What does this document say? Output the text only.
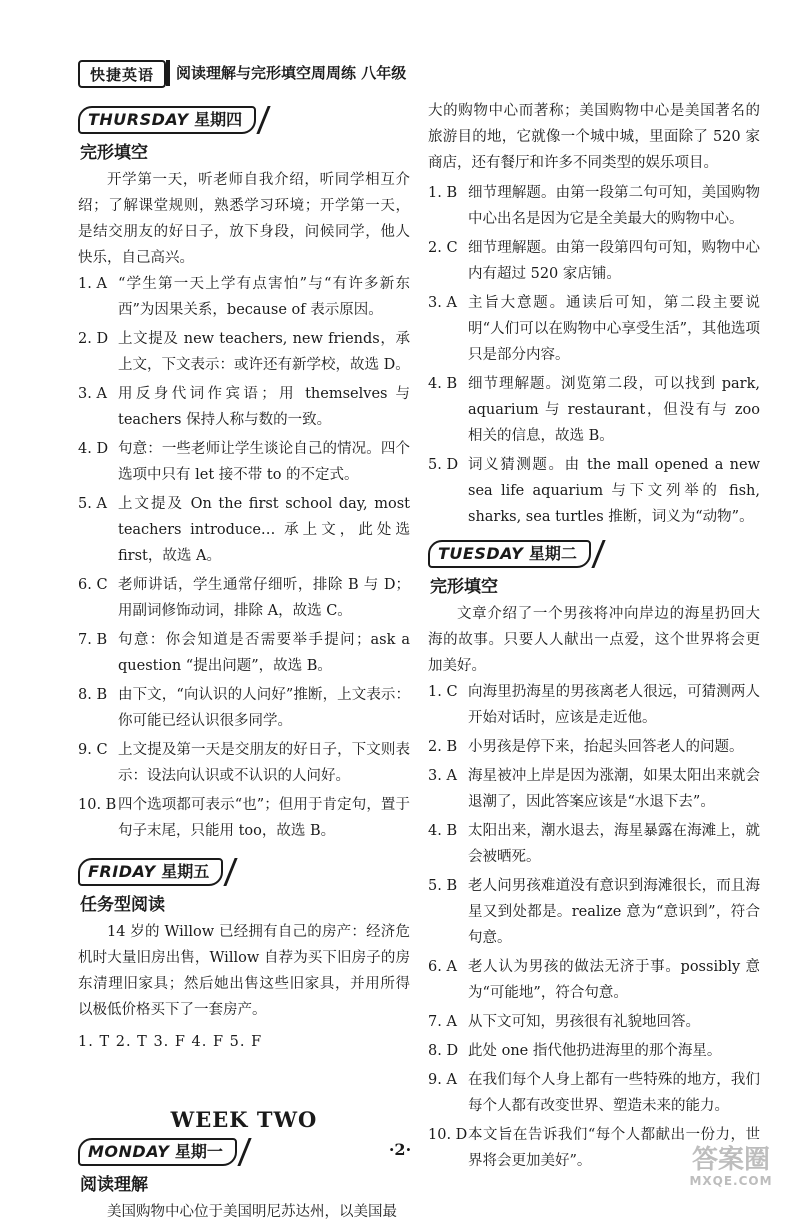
快捷英语	阅读理解与完形填空周周练 八年级
THURSDAY 星期四
完形填空

开学第一天，听老师自我介绍，听同学相互介绍；了解课堂规则，熟悉学习环境；开学第一天，是结交朋友的好日子，放下身段，问候同学，他人快乐，自己高兴。

1. A “学生第一天上学有点害怕”与“有许多新东西”为因果关系，because of 表示原因。
2. D 上文提及 new teachers, new friends，承上文，下文表示：或许还有新学校，故选 D。
3. A 用反身代词作宾语；用 themselves 与 teachers 保持人称与数的一致。
4. D 句意：一些老师让学生谈论自己的情况。四个选项中只有 let 接不带 to 的不定式。
5. A 上文提及 On the first school day, most teachers introduce… 承上文，此处选 first，故选 A。
6. C 老师讲话，学生通常仔细听，排除 B 与 D；用副词修饰动词，排除 A，故选 C。
7. B 句意：你会知道是否需要举手提问；ask a question “提出问题”，故选 B。
8. B 由下文，“向认识的人问好”推断，上文表示：你可能已经认识很多同学。
9. C 上文提及第一天是交朋友的好日子，下文则表示：设法向认识或不认识的人问好。
10. B 四个选项都可表示“也”；但用于肯定句，置于句子末尾，只能用 too，故选 B。
FRIDAY 星期五
任务型阅读

14 岁的 Willow 已经拥有自己的房产：经济危机时大量旧房出售，Willow 自荐为买下旧房子的房东清理旧家具；然后她出售这些旧家具，并用所得以极低价格买下了一套房产。

1. T 2. T 3. F 4. F 5. F
WEEK TWO
MONDAY 星期一
阅读理解

美国购物中心位于美国明尼苏达州，以美国最

大的购物中心而著称；美国购物中心是美国著名的旅游目的地，它就像一个城中城，里面除了 520 家商店，还有餐厅和许多不同类型的娱乐项目。

1. B 细节理解题。由第一段第二句可知，美国购物中心出名是因为它是全美最大的购物中心。
2. C 细节理解题。由第一段第四句可知，购物中心内有超过 520 家店铺。
3. A 主旨大意题。通读后可知，第二段主要说明“人们可以在购物中心享受生活”，其他选项只是部分内容。
4. B 细节理解题。浏览第二段，可以找到 park, aquarium 与 restaurant，但没有与 zoo 相关的信息，故选 B。
5. D 词义猜测题。由 the mall opened a new sea life aquarium 与下文列举的 fish, sharks, sea turtles 推断，词义为“动物”。
TUESDAY 星期二
完形填空

文章介绍了一个男孩将冲向岸边的海星扔回大海的故事。只要人人献出一点爱，这个世界将会更加美好。

1. C 向海里扔海星的男孩离老人很远，可猜测两人开始对话时，应该是走近他。
2. B 小男孩是停下来，抬起头回答老人的问题。
3. A 海星被冲上岸是因为涨潮，如果太阳出来就会退潮了，因此答案应该是“水退下去”。
4. B 太阳出来，潮水退去，海星暴露在海滩上，就会被晒死。
5. B 老人问男孩难道没有意识到海滩很长，而且海星又到处都是。realize 意为“意识到”，符合句意。
6. A 老人认为男孩的做法无济于事。possibly 意为“可能地”，符合句意。
7. A 从下文可知，男孩很有礼貌地回答。
8. D 此处 one 指代他扔进海里的那个海星。
9. A 在我们每个人身上都有一些特殊的地方，我们每个人都有改变世界、塑造未来的能力。
10. D 本文旨在告诉我们“每个人都献出一份力，世界将会更加美好”。
·2·	答案圈
MXQE.COM
